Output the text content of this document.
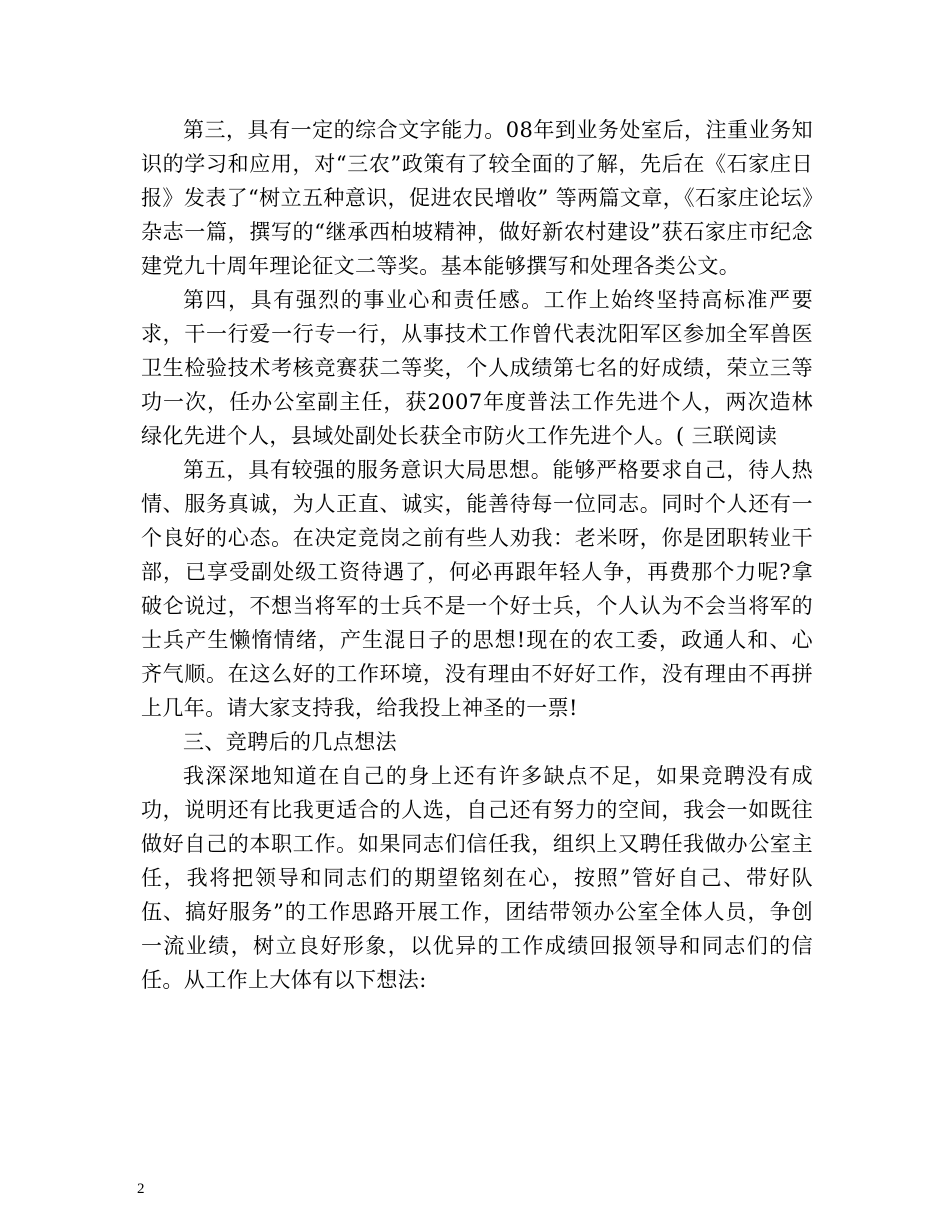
第三，具有一定的综合文字能力。08年到业务处室后，注重业务知识的学习和应用，对“三农”政策有了较全面的了解，先后在《石家庄日报》发表了“树立五种意识，促进农民增收” 等两篇文章，《石家庄论坛》杂志一篇，撰写的“继承西柏坡精神，做好新农村建设”获石家庄市纪念建党九十周年理论征文二等奖。基本能够撰写和处理各类公文。

第四，具有强烈的事业心和责任感。工作上始终坚持高标准严要求，干一行爱一行专一行，从事技术工作曾代表沈阳军区参加全军兽医卫生检验技术考核竞赛获二等奖，个人成绩第七名的好成绩，荣立三等功一次，任办公室副主任，获2007年度普法工作先进个人，两次造林绿化先进个人，县域处副处长获全市防火工作先进个人。( 三联阅读

第五，具有较强的服务意识大局思想。能够严格要求自己，待人热情、服务真诚，为人正直、诚实，能善待每一位同志。同时个人还有一个良好的心态。在决定竞岗之前有些人劝我：老米呀，你是团职转业干部，已享受副处级工资待遇了，何必再跟年轻人争，再费那个力呢?拿破仑说过，不想当将军的士兵不是一个好士兵，个人认为不会当将军的士兵产生懒惰情绪，产生混日子的思想!现在的农工委，政通人和、心齐气顺。在这么好的工作环境，没有理由不好好工作，没有理由不再拼上几年。请大家支持我，给我投上神圣的一票!

三、竞聘后的几点想法

我深深地知道在自己的身上还有许多缺点不足，如果竞聘没有成功，说明还有比我更适合的人选，自己还有努力的空间，我会一如既往做好自己的本职工作。如果同志们信任我，组织上又聘任我做办公室主任，我将把领导和同志们的期望铭刻在心，按照”管好自己、带好队伍、搞好服务”的工作思路开展工作，团结带领办公室全体人员，争创一流业绩，树立良好形象，以优异的工作成绩回报领导和同志们的信任。从工作上大体有以下想法:

2
